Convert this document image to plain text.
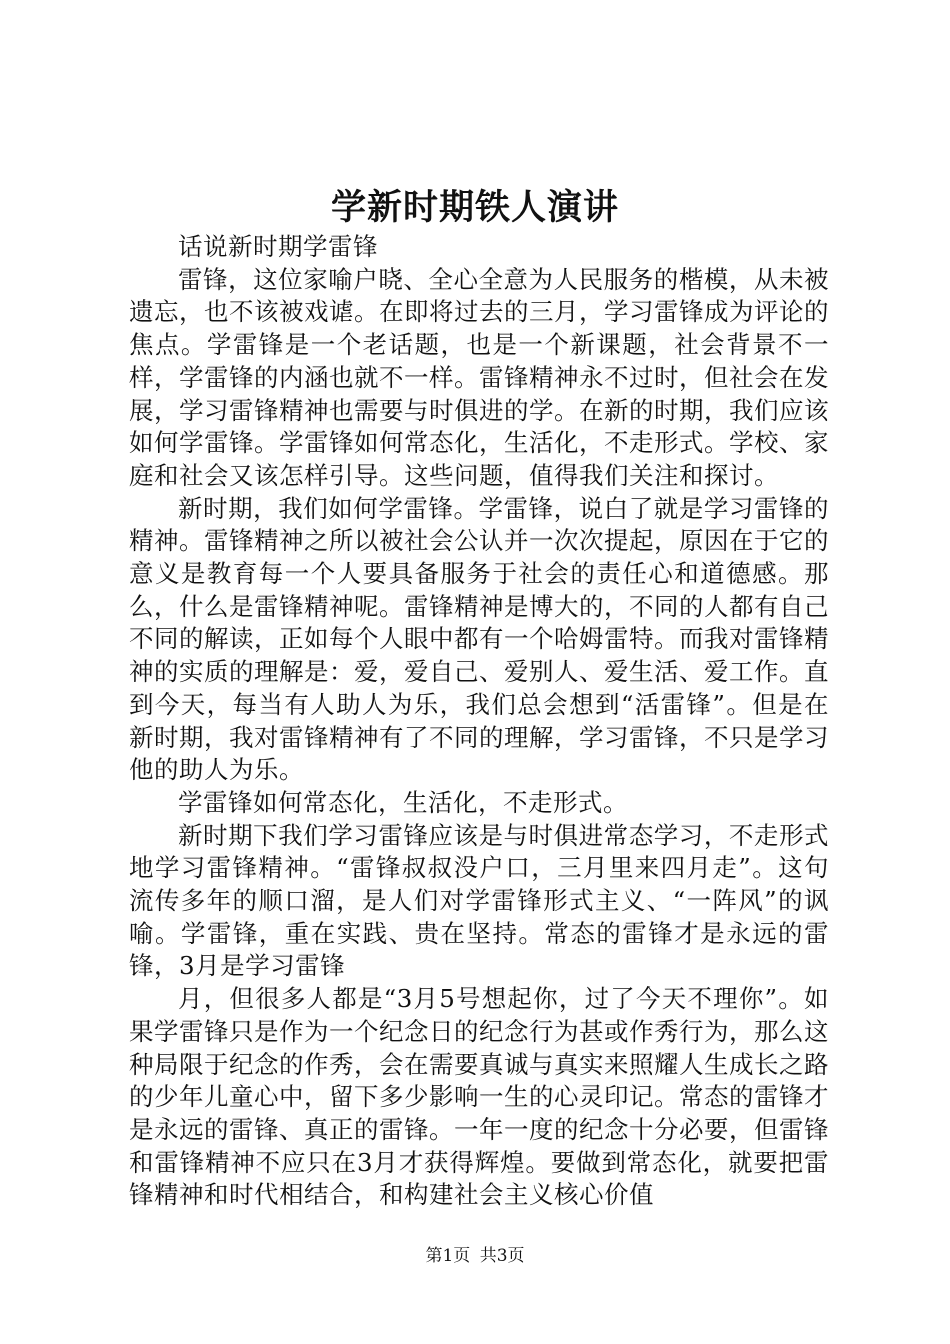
学新时期铁人演讲

话说新时期学雷锋

雷锋，这位家喻户晓、全心全意为人民服务的楷模，从未被遗忘，也不该被戏谑。在即将过去的三月，学习雷锋成为评论的焦点。学雷锋是一个老话题，也是一个新课题，社会背景不一样，学雷锋的内涵也就不一样。雷锋精神永不过时，但社会在发展，学习雷锋精神也需要与时俱进的学。在新的时期，我们应该如何学雷锋。学雷锋如何常态化，生活化，不走形式。学校、家庭和社会又该怎样引导。这些问题，值得我们关注和探讨。

新时期，我们如何学雷锋。学雷锋，说白了就是学习雷锋的精神。雷锋精神之所以被社会公认并一次次提起，原因在于它的意义是教育每一个人要具备服务于社会的责任心和道德感。那么，什么是雷锋精神呢。雷锋精神是博大的，不同的人都有自己不同的解读，正如每个人眼中都有一个哈姆雷特。而我对雷锋精神的实质的理解是：爱，爱自己、爱别人、爱生活、爱工作。直到今天，每当有人助人为乐，我们总会想到“活雷锋”。但是在新时期，我对雷锋精神有了不同的理解，学习雷锋，不只是学习他的助人为乐。

学雷锋如何常态化，生活化，不走形式。

新时期下我们学习雷锋应该是与时俱进常态学习，不走形式地学习雷锋精神。“雷锋叔叔没户口，三月里来四月走”。这句流传多年的顺口溜，是人们对学雷锋形式主义、“一阵风”的讽喻。学雷锋，重在实践、贵在坚持。常态的雷锋才是永远的雷锋，3月是学习雷锋

月，但很多人都是“3月5号想起你，过了今天不理你”。如果学雷锋只是作为一个纪念日的纪念行为甚或作秀行为，那么这种局限于纪念的作秀，会在需要真诚与真实来照耀人生成长之路的少年儿童心中，留下多少影响一生的心灵印记。常态的雷锋才是永远的雷锋、真正的雷锋。一年一度的纪念十分必要，但雷锋和雷锋精神不应只在3月才获得辉煌。要做到常态化，就要把雷锋精神和时代相结合，和构建社会主义核心价值

第1页 共3页
